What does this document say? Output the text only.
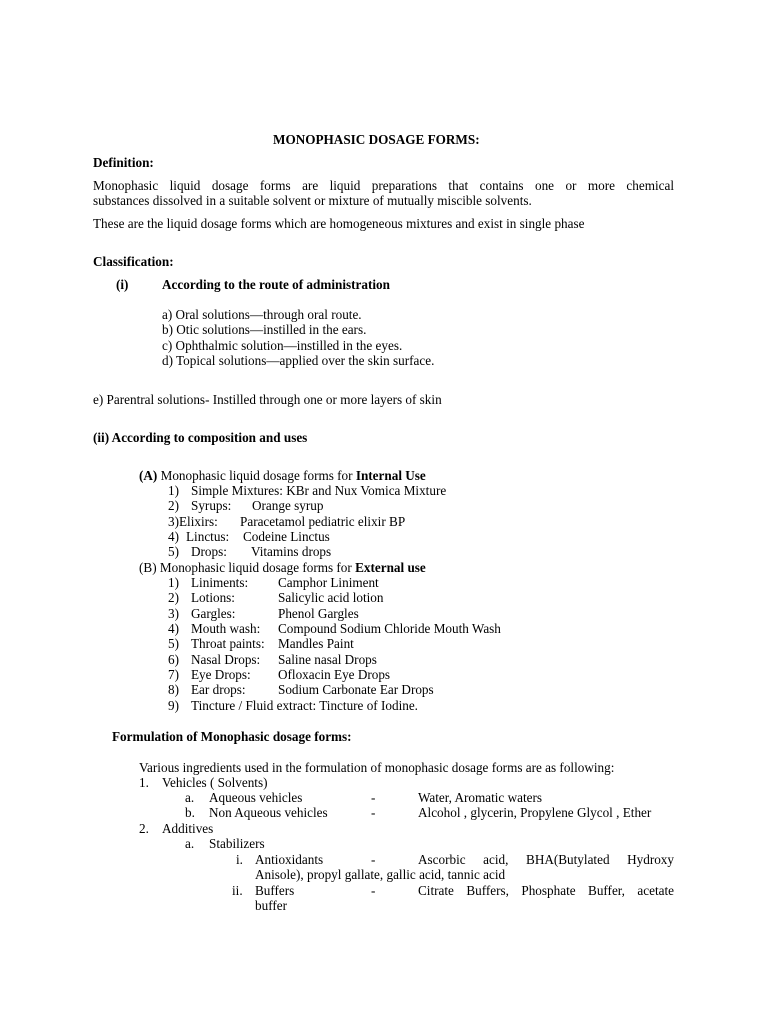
MONOPHASIC DOSAGE FORMS:
Definition:
Monophasic liquid dosage forms are liquid preparations that contains one or more chemical
substances dissolved in a suitable solvent or mixture of mutually miscible solvents.
These are the liquid dosage forms which are homogeneous mixtures and exist in single phase
Classification:
(i)	According to the route of administration
a) Oral solutions—through oral route.
b) Otic solutions—instilled in the ears.
c) Ophthalmic solution—instilled in the eyes.
d) Topical solutions—applied over the skin surface.
e) Parentral solutions- Instilled through one or more layers of skin
(ii) According to composition and uses
(A) Monophasic liquid dosage forms for Internal Use
1) Simple Mixtures: KBr and Nux Vomica Mixture
2) Syrups: Orange syrup
3)Elixirs: Paracetamol pediatric elixir BP
4) Linctus: Codeine Linctus
5) Drops: Vitamins drops
(B) Monophasic liquid dosage forms for External use
1) Liniments: Camphor Liniment
2) Lotions:	Salicylic acid lotion
3) Gargles:	Phenol Gargles
4) Mouth wash: Compound Sodium Chloride Mouth Wash
5) Throat paints: Mandles Paint
6) Nasal Drops: Saline nasal Drops
7) Eye Drops: Ofloxacin Eye Drops
8) Ear drops: Sodium Carbonate Ear Drops
9) Tincture / Fluid extract: Tincture of Iodine.
Formulation of Monophasic dosage forms:
Various ingredients used in the formulation of monophasic dosage forms are as following:
1. Vehicles ( Solvents)
a. Aqueous vehicles	-	Water, Aromatic waters
b. Non Aqueous vehicles	-	Alcohol , glycerin, Propylene Glycol , Ether
2. Additives
a. Stabilizers
i. Antioxidants	-	Ascorbic acid, BHA(Butylated Hydroxy
Anisole), propyl gallate, gallic acid, tannic acid
ii. Buffers	-	Citrate Buffers, Phosphate Buffer, acetate
buffer
